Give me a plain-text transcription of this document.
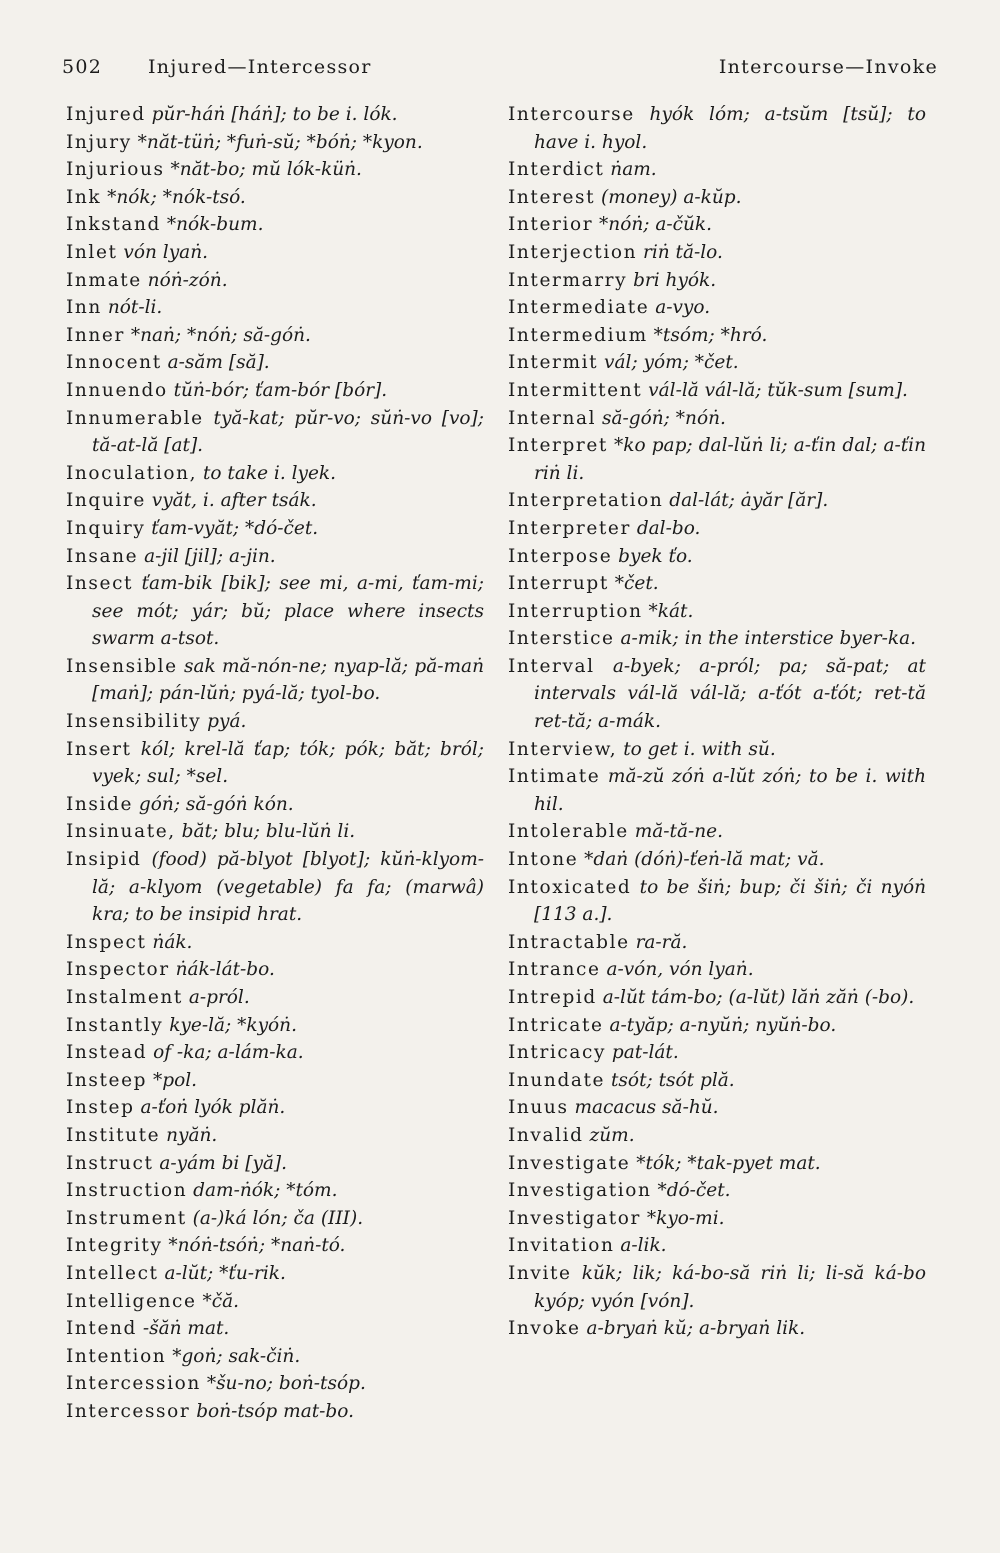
502 Injured—Intercessor	Intercourse—Invoke

Injured pŭr-háṅ [háṅ]; to be i. lók.

Injury *năt-tüṅ; *fuṅ-sŭ; *bóṅ; *kyon.

Injurious *năt-bo; mŭ lók-küṅ.

Ink *nók; *nók-tsó.

Inkstand *nók-bum.

Inlet vón lyaṅ.

Inmate nóṅ-zóṅ.

Inn nót-li.

Inner *naṅ; *nóṅ; să-góṅ.

Innocent a-săm [să].

Innuendo tŭṅ-bór; ťam-bór [bór].

Innumerable tyă-kat; pŭr-vo; sŭṅ-vo [vo]; tă-at-lă [at].

Inoculation, to take i. lyek.

Inquire vyăt, i. after tsák.

Inquiry ťam-vyăt; *dó-čet.

Insane a-jil [jil]; a-jin.

Insect ťam-bik [bik]; see mi, a-mi, ťam-mi; see mót; yár; bŭ; place where insects swarm a-tsot.

Insensible sak mă-nón-ne; nyap-lă; pă-maṅ [maṅ]; pán-lŭṅ; pyá-lă; tyol-bo.

Insensibility pyá.

Insert kól; krel-lă ťap; tók; pók; băt; bról; vyek; sul; *sel.

Inside góṅ; să-góṅ kón.

Insinuate, băt; blu; blu-lŭṅ li.

Insipid (food) pă-blyot [blyot]; kŭṅ-klyom-lă; a-klyom (vegetable) fa fa; (marwâ) kra; to be insipid hrat.

Inspect ṅák.

Inspector ṅák-lát-bo.

Instalment a-pról.

Instantly kye-lă; *kyóṅ.

Instead of -ka; a-lám-ka.

Insteep *pol.

Instep a-ťoṅ lyók plăṅ.

Institute nyăṅ.

Instruct a-yám bi [yă].

Instruction dam-ṅók; *tóm.

Instrument (a-)ká lón; ča (III).

Integrity *nóṅ-tsóṅ; *naṅ-tó.

Intellect a-lŭt; *ťu-rik.

Intelligence *čă.

Intend -šăṅ mat.

Intention *goṅ; sak-čiṅ.

Intercession *šu-no; boṅ-tsóp.

Intercessor boṅ-tsóp mat-bo.

Intercourse hyók lóm; a-tsŭm [tsŭ]; to have i. hyol.

Interdict ṅam.

Interest (money) a-kŭp.

Interior *nóṅ; a-čŭk.

Interjection riṅ tă-lo.

Intermarry bri hyók.

Intermediate a-vyo.

Intermedium *tsóm; *hró.

Intermit vál; yóm; *čet.

Intermittent vál-lă vál-lă; tŭk-sum [sum].

Internal să-góṅ; *nóṅ.

Interpret *ko pap; dal-lŭṅ li; a-ťin dal; a-ťin riṅ li.

Interpretation dal-lát; ȧyăr [ăr].

Interpreter dal-bo.

Interpose byek ťo.

Interrupt *čet.

Interruption *kát.

Interstice a-mik; in the interstice byer-ka.

Interval a-byek; a-pról; pa; să-pat; at intervals vál-lă vál-lă; a-ťót a-ťót; ret-tă ret-tă; a-mák.

Interview, to get i. with sŭ.

Intimate mă-zŭ zóṅ a-lŭt zóṅ; to be i. with hil.

Intolerable mă-tă-ne.

Intone *daṅ (dóṅ)-ťeṅ-lă mat; vă.

Intoxicated to be šiṅ; bup; či šiṅ; či nyóṅ [113 a.].

Intractable ra-ră.

Intrance a-vón, vón lyaṅ.

Intrepid a-lŭt tám-bo; (a-lŭt) lăṅ zăṅ (-bo).

Intricate a-tyăp; a-nyŭṅ; nyŭṅ-bo.

Intricacy pat-lát.

Inundate tsót; tsót plă.

Inuus macacus să-hŭ.

Invalid zŭm.

Investigate *tók; *tak-pyet mat.

Investigation *dó-čet.

Investigator *kyo-mi.

Invitation a-lik.

Invite kŭk; lik; ká-bo-să riṅ li; li-să ká-bo kyóp; vyón [vón].

Invoke a-bryaṅ kŭ; a-bryaṅ lik.
